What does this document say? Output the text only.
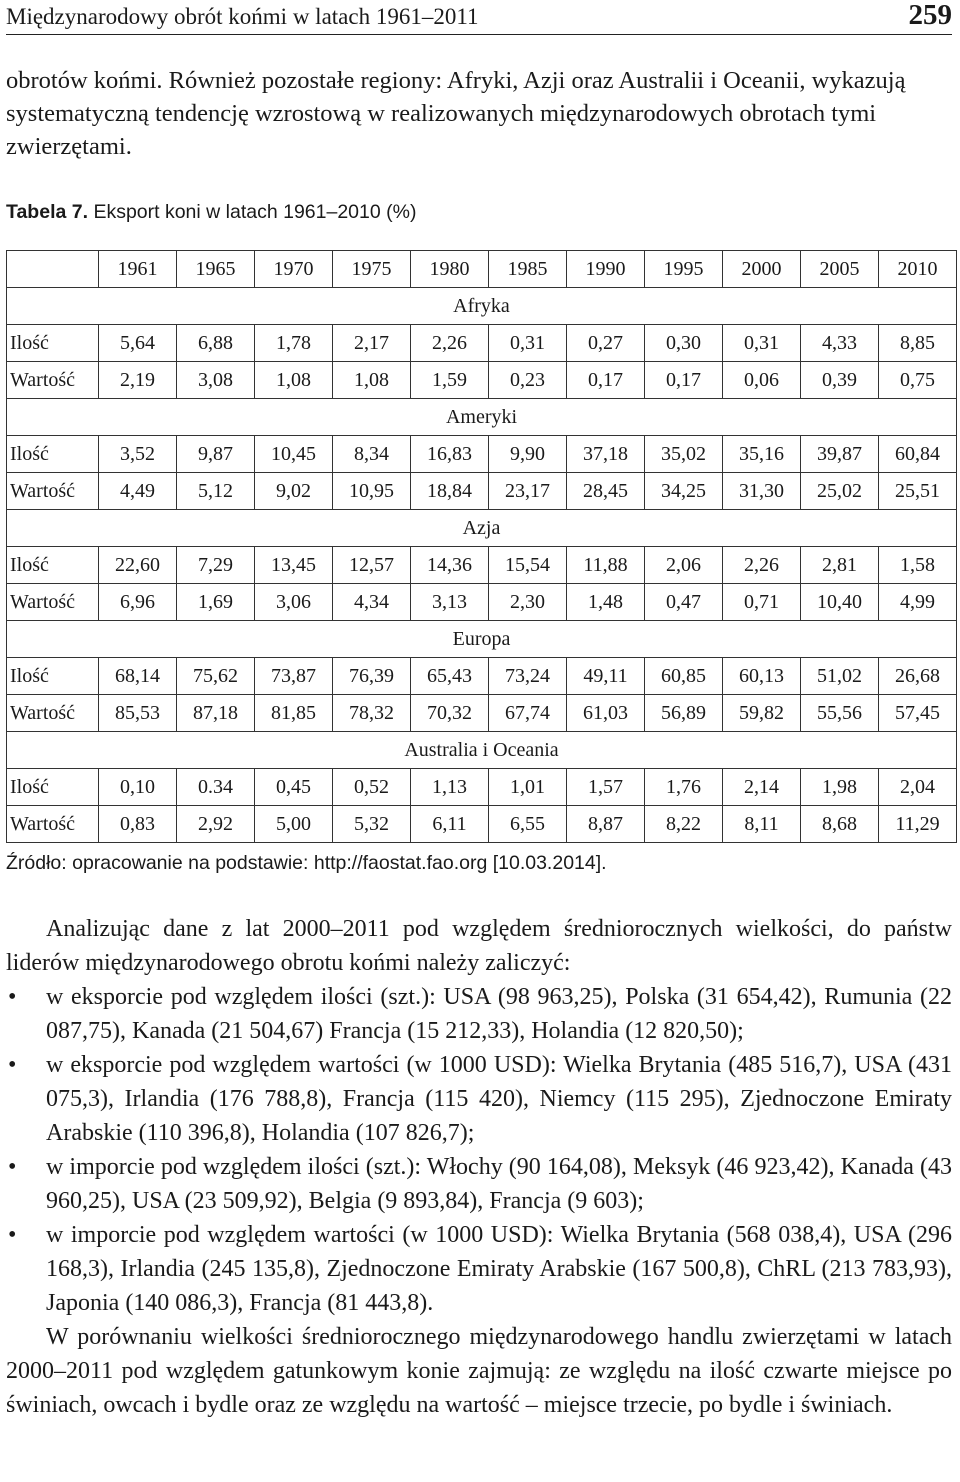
Międzynarodowy obrót końmi w latach 1961–2011	259
obrotów końmi. Również pozostałe regiony: Afryki, Azji oraz Australii i Oceanii, wykazują systematyczną tendencję wzrostową w realizowanych międzynarodowych obrotach tymi zwierzętami.
Tabela 7. Eksport koni w latach 1961–2010 (%)
	1961	1965	1970	1975	1980	1985	1990	1995	2000	2005	2010
Afryka											
Ilość	5,64	6,88	1,78	2,17	2,26	0,31	0,27	0,30	0,31	4,33	8,85
Wartość	2,19	3,08	1,08	1,08	1,59	0,23	0,17	0,17	0,06	0,39	0,75
Ameryki											
Ilość	3,52	9,87	10,45	8,34	16,83	9,90	37,18	35,02	35,16	39,87	60,84
Wartość	4,49	5,12	9,02	10,95	18,84	23,17	28,45	34,25	31,30	25,02	25,51
Azja											
Ilość	22,60	7,29	13,45	12,57	14,36	15,54	11,88	2,06	2,26	2,81	1,58
Wartość	6,96	1,69	3,06	4,34	3,13	2,30	1,48	0,47	0,71	10,40	4,99
Europa											
Ilość	68,14	75,62	73,87	76,39	65,43	73,24	49,11	60,85	60,13	51,02	26,68
Wartość	85,53	87,18	81,85	78,32	70,32	67,74	61,03	56,89	59,82	55,56	57,45
Australia i Oceania											
Ilość	0,10	0.34	0,45	0,52	1,13	1,01	1,57	1,76	2,14	1,98	2,04
Wartość	0,83	2,92	5,00	5,32	6,11	6,55	8,87	8,22	8,11	8,68	11,29
Źródło: opracowanie na podstawie: http://faostat.fao.org [10.03.2014].

Analizując dane z lat 2000–2011 pod względem średniorocznych wielkości, do państw liderów międzynarodowego obrotu końmi należy zaliczyć:

• w eksporcie pod względem ilości (szt.): USA (98 963,25), Polska (31 654,42), Rumunia (22 087,75), Kanada (21 504,67) Francja (15 212,33), Holandia (12 820,50);
• w eksporcie pod względem wartości (w 1000 USD): Wielka Brytania (485 516,7), USA (431 075,3), Irlandia (176 788,8), Francja (115 420), Niemcy (115 295), Zjednoczone Emiraty Arabskie (110 396,8), Holandia (107 826,7);
• w imporcie pod względem ilości (szt.): Włochy (90 164,08), Meksyk (46 923,42), Kanada (43 960,25), USA (23 509,92), Belgia (9 893,84), Francja (9 603);
• w imporcie pod względem wartości (w 1000 USD): Wielka Brytania (568 038,4), USA (296 168,3), Irlandia (245 135,8), Zjednoczone Emiraty Arabskie (167 500,8), ChRL (213 783,93), Japonia (140 086,3), Francja (81 443,8).

W porównaniu wielkości średniorocznego międzynarodowego handlu zwierzętami w latach 2000–2011 pod względem gatunkowym konie zajmują: ze względu na ilość czwarte miejsce po świniach, owcach i bydle oraz ze względu na wartość – miejsce trzecie, po bydle i świniach.
